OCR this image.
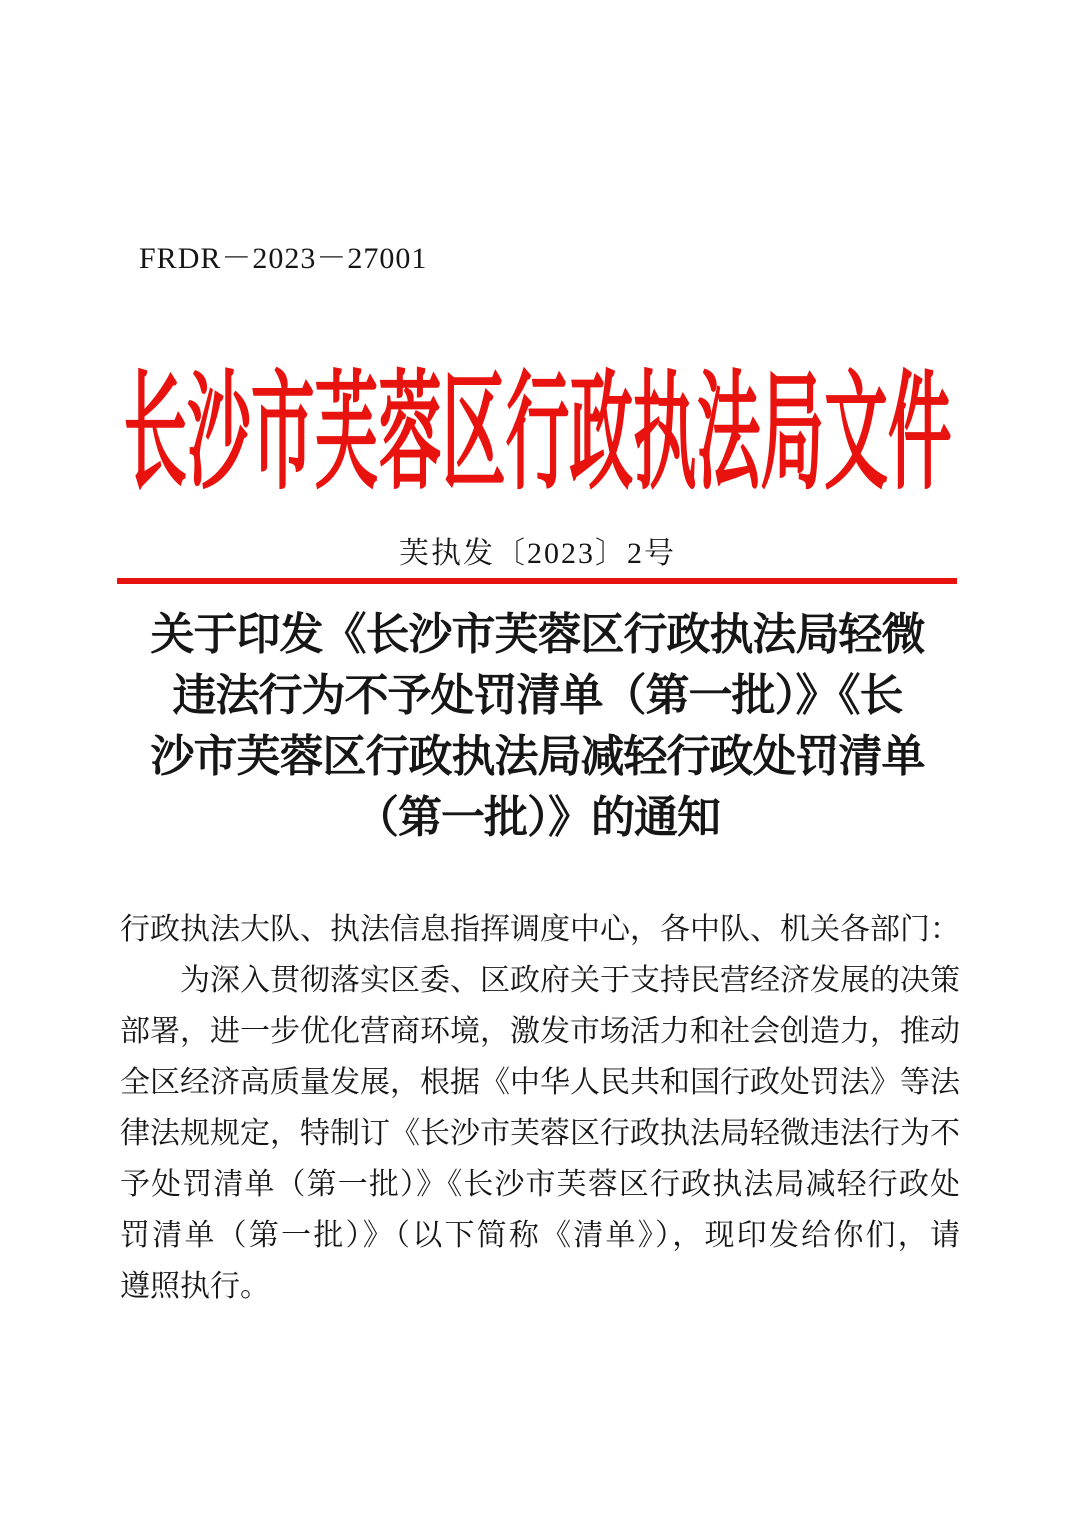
FRDR－2023－27001
长沙市芙蓉区行政执法局文件
芙执发〔2023〕2号
关于印发《长沙市芙蓉区行政执法局轻微
违法行为不予处罚清单（第一批）》《长
沙市芙蓉区行政执法局减轻行政处罚清单
（第一批）》的通知
行政执法大队、执法信息指挥调度中心，各中队、机关各部门：
为深入贯彻落实区委、区政府关于支持民营经济发展的决策
部署，进一步优化营商环境，激发市场活力和社会创造力，推动
全区经济高质量发展，根据《中华人民共和国行政处罚法》等法
律法规规定，特制订《长沙市芙蓉区行政执法局轻微违法行为不
予处罚清单（第一批）》《长沙市芙蓉区行政执法局减轻行政处
罚清单（第一批）》（以下简称《清单》），现印发给你们，请
遵照执行。
